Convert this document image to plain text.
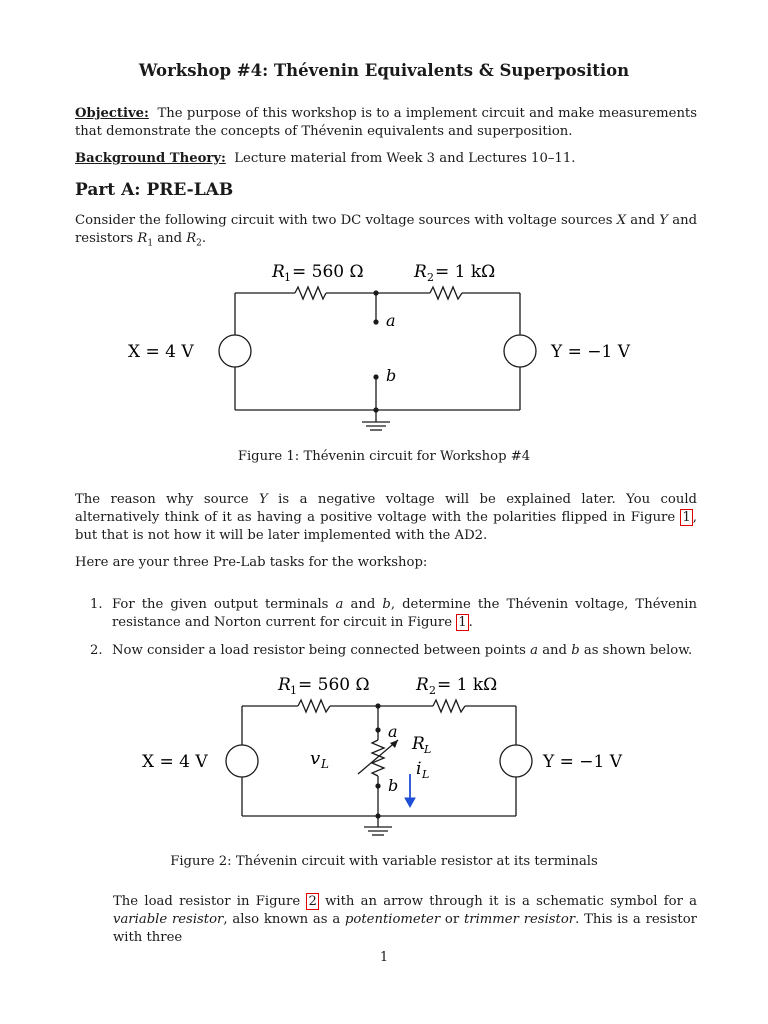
Workshop #4: Thévenin Equivalents & Superposition
Objective: The purpose of this workshop is to a implement circuit and make measurements that demonstrate the concepts of Thévenin equivalents and superposition.
Background Theory: Lecture material from Week 3 and Lectures 10–11.
Part A: PRE-LAB
Consider the following circuit with two DC voltage sources with voltage sources X and Y and resistors $R_1$ and $R_2$.
R 1 = 560 Ω	R 2 = 1 kΩ
X = 4 V	Y = −1 V
a
b
Figure 1: Thévenin circuit for Workshop #4
The reason why source Y is a negative voltage will be explained later. You could alternatively think of it as having a positive voltage with the polarities flipped in Figure 1 , but that is not how it will be later implemented with the AD2.
Here are your three Pre-Lab tasks for the workshop:
1. For the given output terminals a and b, determine the Thévenin voltage, Thévenin resistance and Norton current for circuit in Figure 1 .
2. Now consider a load resistor being connected between points a and b as shown below.
R 1 = 560 Ω	R 2 = 1 kΩ
X = 4 V	Y = −1 V
a
b
v L
R L
i L
Figure 2: Thévenin circuit with variable resistor at its terminals
The load resistor in Figure 2 with an arrow through it is a schematic symbol for a variable resistor, also known as a potentiometer or trimmer resistor. This is a resistor with three
1
